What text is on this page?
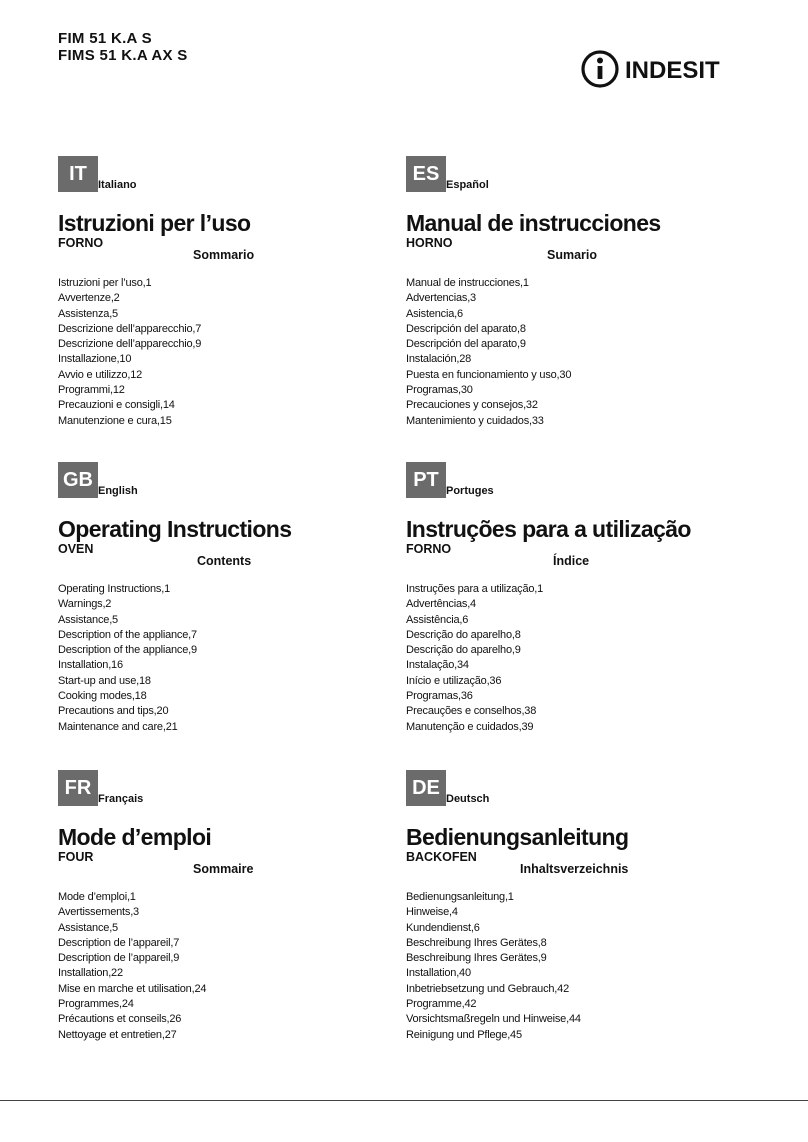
FIM 51 K.A S
FIMS 51 K.A AX S
INDESIT
IT
Italiano
Istruzioni per l’uso
FORNO
Sommario
Istruzioni per l’uso,1
Avvertenze,2
Assistenza,5
Descrizione dell’apparecchio,7
Descrizione dell’apparecchio,9
Installazione,10
Avvio e utilizzo,12
Programmi,12
Precauzioni e consigli,14
Manutenzione e cura,15
ES
Español
Manual de instrucciones
HORNO
Sumario
Manual de instrucciones,1
Advertencias,3
Asistencia,6
Descripción del aparato,8
Descripción del aparato,9
Instalación,28
Puesta en funcionamiento y uso,30
Programas,30
Precauciones y consejos,32
Mantenimiento y cuidados,33
GB
English
Operating Instructions
OVEN
Contents
Operating Instructions,1
Warnings,2
Assistance,5
Description of the appliance,7
Description of the appliance,9
Installation,16
Start-up and use,18
Cooking modes,18
Precautions and tips,20
Maintenance and care,21
PT
Portuges
Instruções para a utilização
FORNO
Índice
Instruções para a utilização,1
Advertências,4
Assistência,6
Descrição do aparelho,8
Descrição do aparelho,9
Instalação,34
Início e utilização,36
Programas,36
Precauções e conselhos,38
Manutenção e cuidados,39
FR
Français
Mode d’emploi
FOUR
Sommaire
Mode d’emploi,1
Avertissements,3
Assistance,5
Description de l’appareil,7
Description de l’appareil,9
Installation,22
Mise en marche et utilisation,24
Programmes,24
Précautions et conseils,26
Nettoyage et entretien,27
DE
Deutsch
Bedienungsanleitung
BACKOFEN
Inhaltsverzeichnis
Bedienungsanleitung,1
Hinweise,4
Kundendienst,6
Beschreibung Ihres Gerätes,8
Beschreibung Ihres Gerätes,9
Installation,40
Inbetriebsetzung und Gebrauch,42
Programme,42
Vorsichtsmaßregeln und Hinweise,44
Reinigung und Pflege,45
